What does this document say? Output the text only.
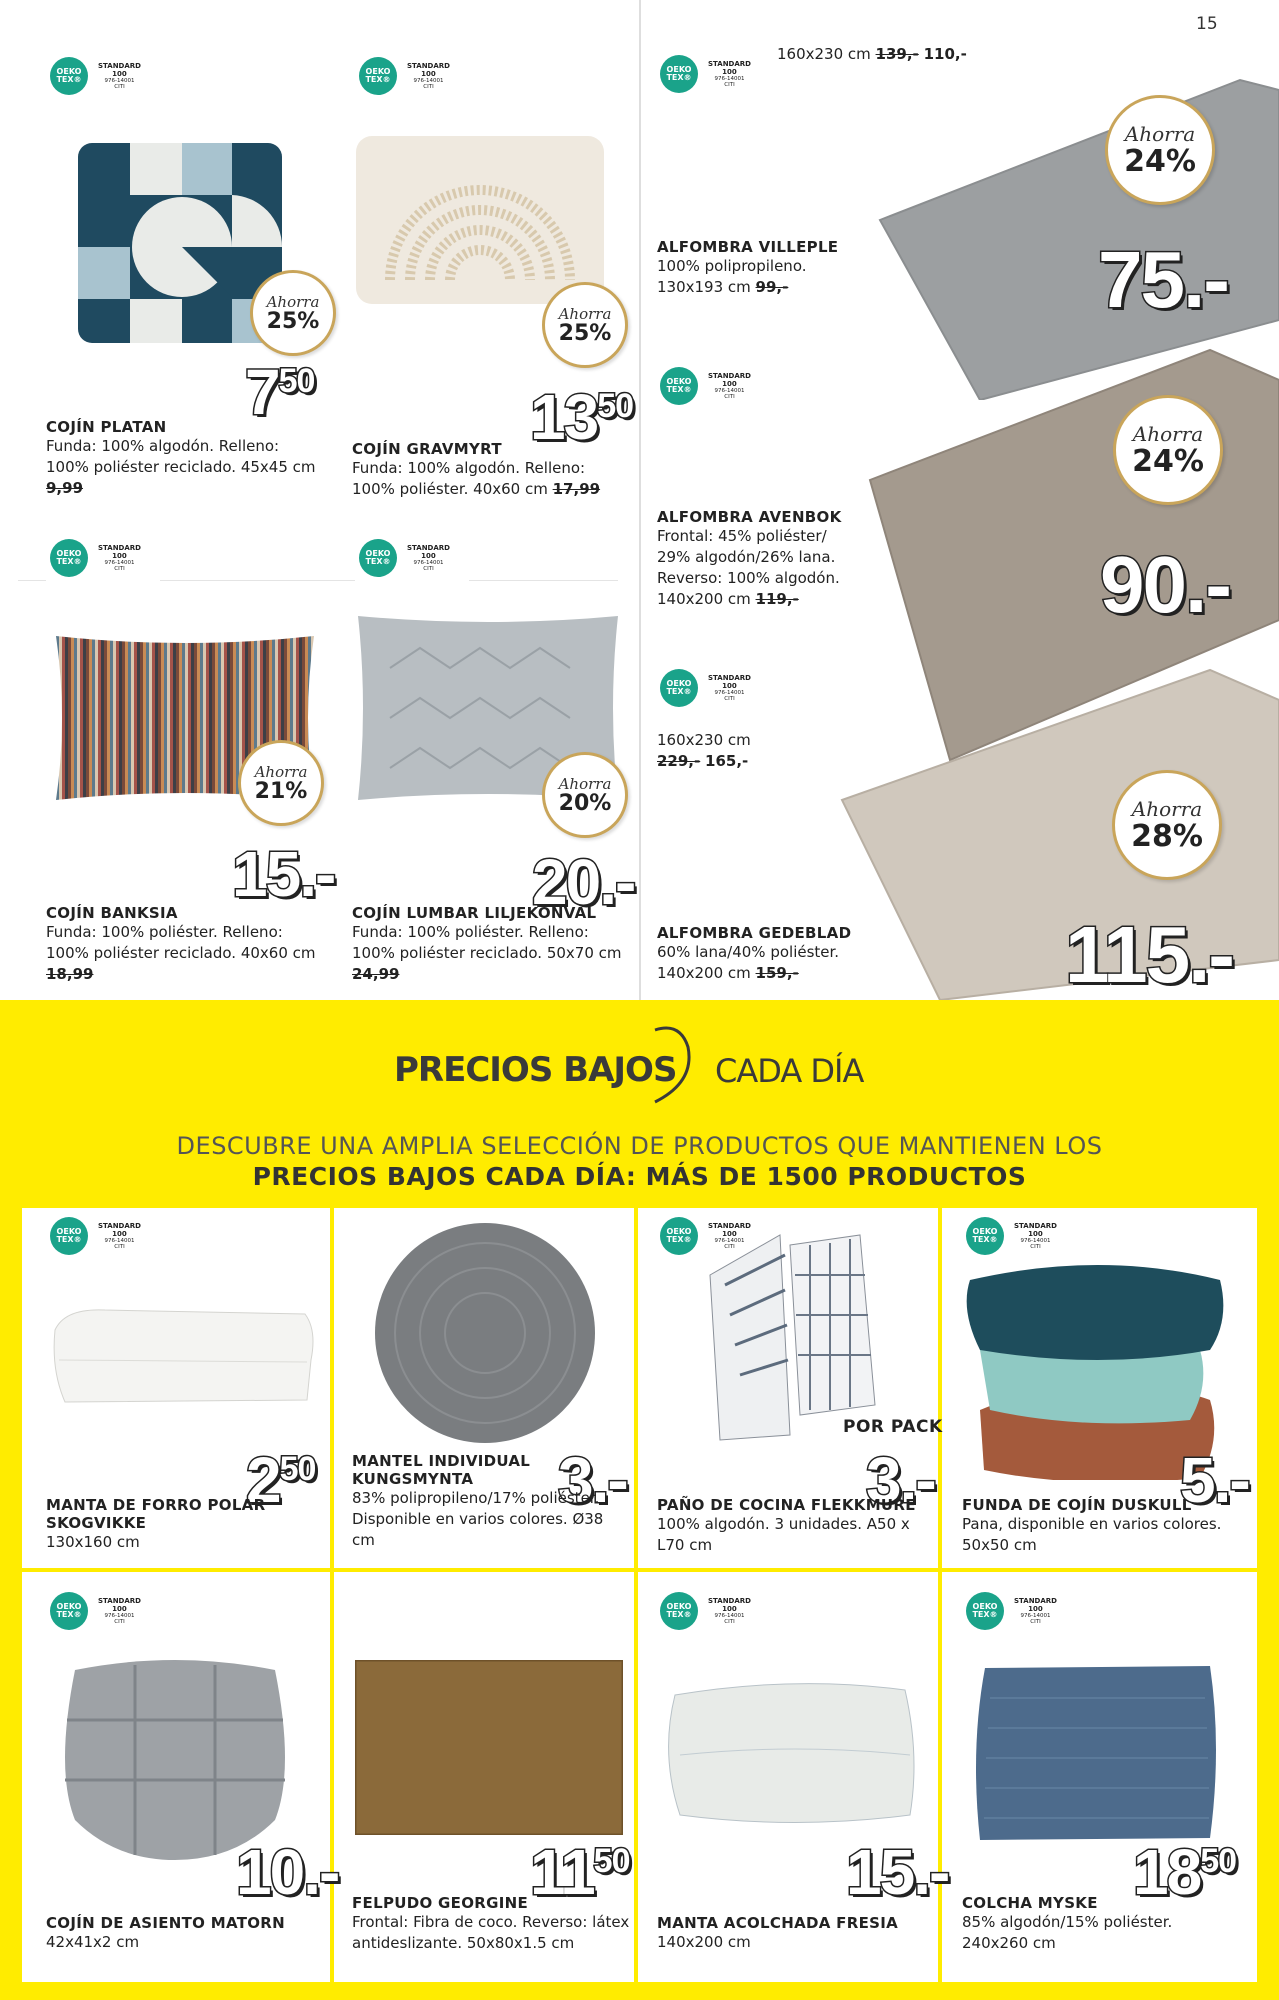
15
OEKO
TEX®
STANDARD
100
976-14001
CITI
OEKO
TEX®
STANDARD
100
976-14001
CITI
OEKO
TEX®
STANDARD
100
976-14001
CITI
OEKO
TEX®
STANDARD
100
976-14001
CITI
Ahorra
25%
$7^{50}$
COJÍN PLATAN
Funda: 100% algodón. Relleno: 100% poliéster reciclado. 45x45 cm 9,99
Ahorra
25%
$13^{50}$
COJÍN GRAVMYRT
Funda: 100% algodón. Relleno: 100% poliéster. 40x60 cm 17,99
Ahorra
21%
15.-
COJÍN BANKSIA
Funda: 100% poliéster. Relleno: 100% poliéster reciclado. 40x60 cm 18,99
Ahorra
20%
20.-
COJÍN LUMBAR LILJEKONVAL
Funda: 100% poliéster. Relleno: 100% poliéster reciclado. 50x70 cm 24,99
OEKO
TEX®
STANDARD
100
976-14001
CITI
160x230 cm 139,- 110,-
Ahorra
24%
75.-
ALFOMBRA VILLEPLE
100% polipropileno.
130x193 cm 99,-
OEKO
TEX®
STANDARD
100
976-14001
CITI
Ahorra
24%
90.-
ALFOMBRA AVENBOK
Frontal: 45% poliéster/
29% algodón/26% lana.
Reverso: 100% algodón.
140x200 cm 119,-
OEKO
TEX®
STANDARD
100
976-14001
CITI
160x230 cm
229,- 165,-
Ahorra
28%
115.-
ALFOMBRA GEDEBLAD
60% lana/40% poliéster.
140x200 cm 159,-
PRECIOS BAJOS CADA DÍA
DESCUBRE UNA AMPLIA SELECCIÓN DE PRODUCTOS QUE MANTIENEN LOS
PRECIOS BAJOS CADA DÍA: MÁS DE 1500 PRODUCTOS
OEKO
TEX®
STANDARD
100
976-14001
CITI
OEKO
TEX®
STANDARD
100
976-14001
CITI
OEKO
TEX®
STANDARD
100
976-14001
CITI
OEKO
TEX®
STANDARD
100
976-14001
CITI
OEKO
TEX®
STANDARD
100
976-14001
CITI
OEKO
TEX®
STANDARD
100
976-14001
CITI
$2^{50}$	3.-
POR PACK
3.-	5.-
10.-	$11^{50}$	15.-	$18^{50}$
MANTA DE FORRO POLAR SKOGVIKKE
130x160 cm
MANTEL INDIVIDUAL KUNGSMYNTA
83% polipropileno/17% poliéster. Disponible en varios colores. Ø38 cm
PAÑO DE COCINA FLEKKMURE
100% algodón. 3 unidades. A50 x L70 cm
FUNDA DE COJÍN DUSKULL
Pana, disponible en varios colores. 50x50 cm
COJÍN DE ASIENTO MATORN
42x41x2 cm
FELPUDO GEORGINE
Frontal: Fibra de coco. Reverso: látex antideslizante. 50x80x1.5 cm
MANTA ACOLCHADA FRESIA
140x200 cm
COLCHA MYSKE
85% algodón/15% poliéster. 240x260 cm
